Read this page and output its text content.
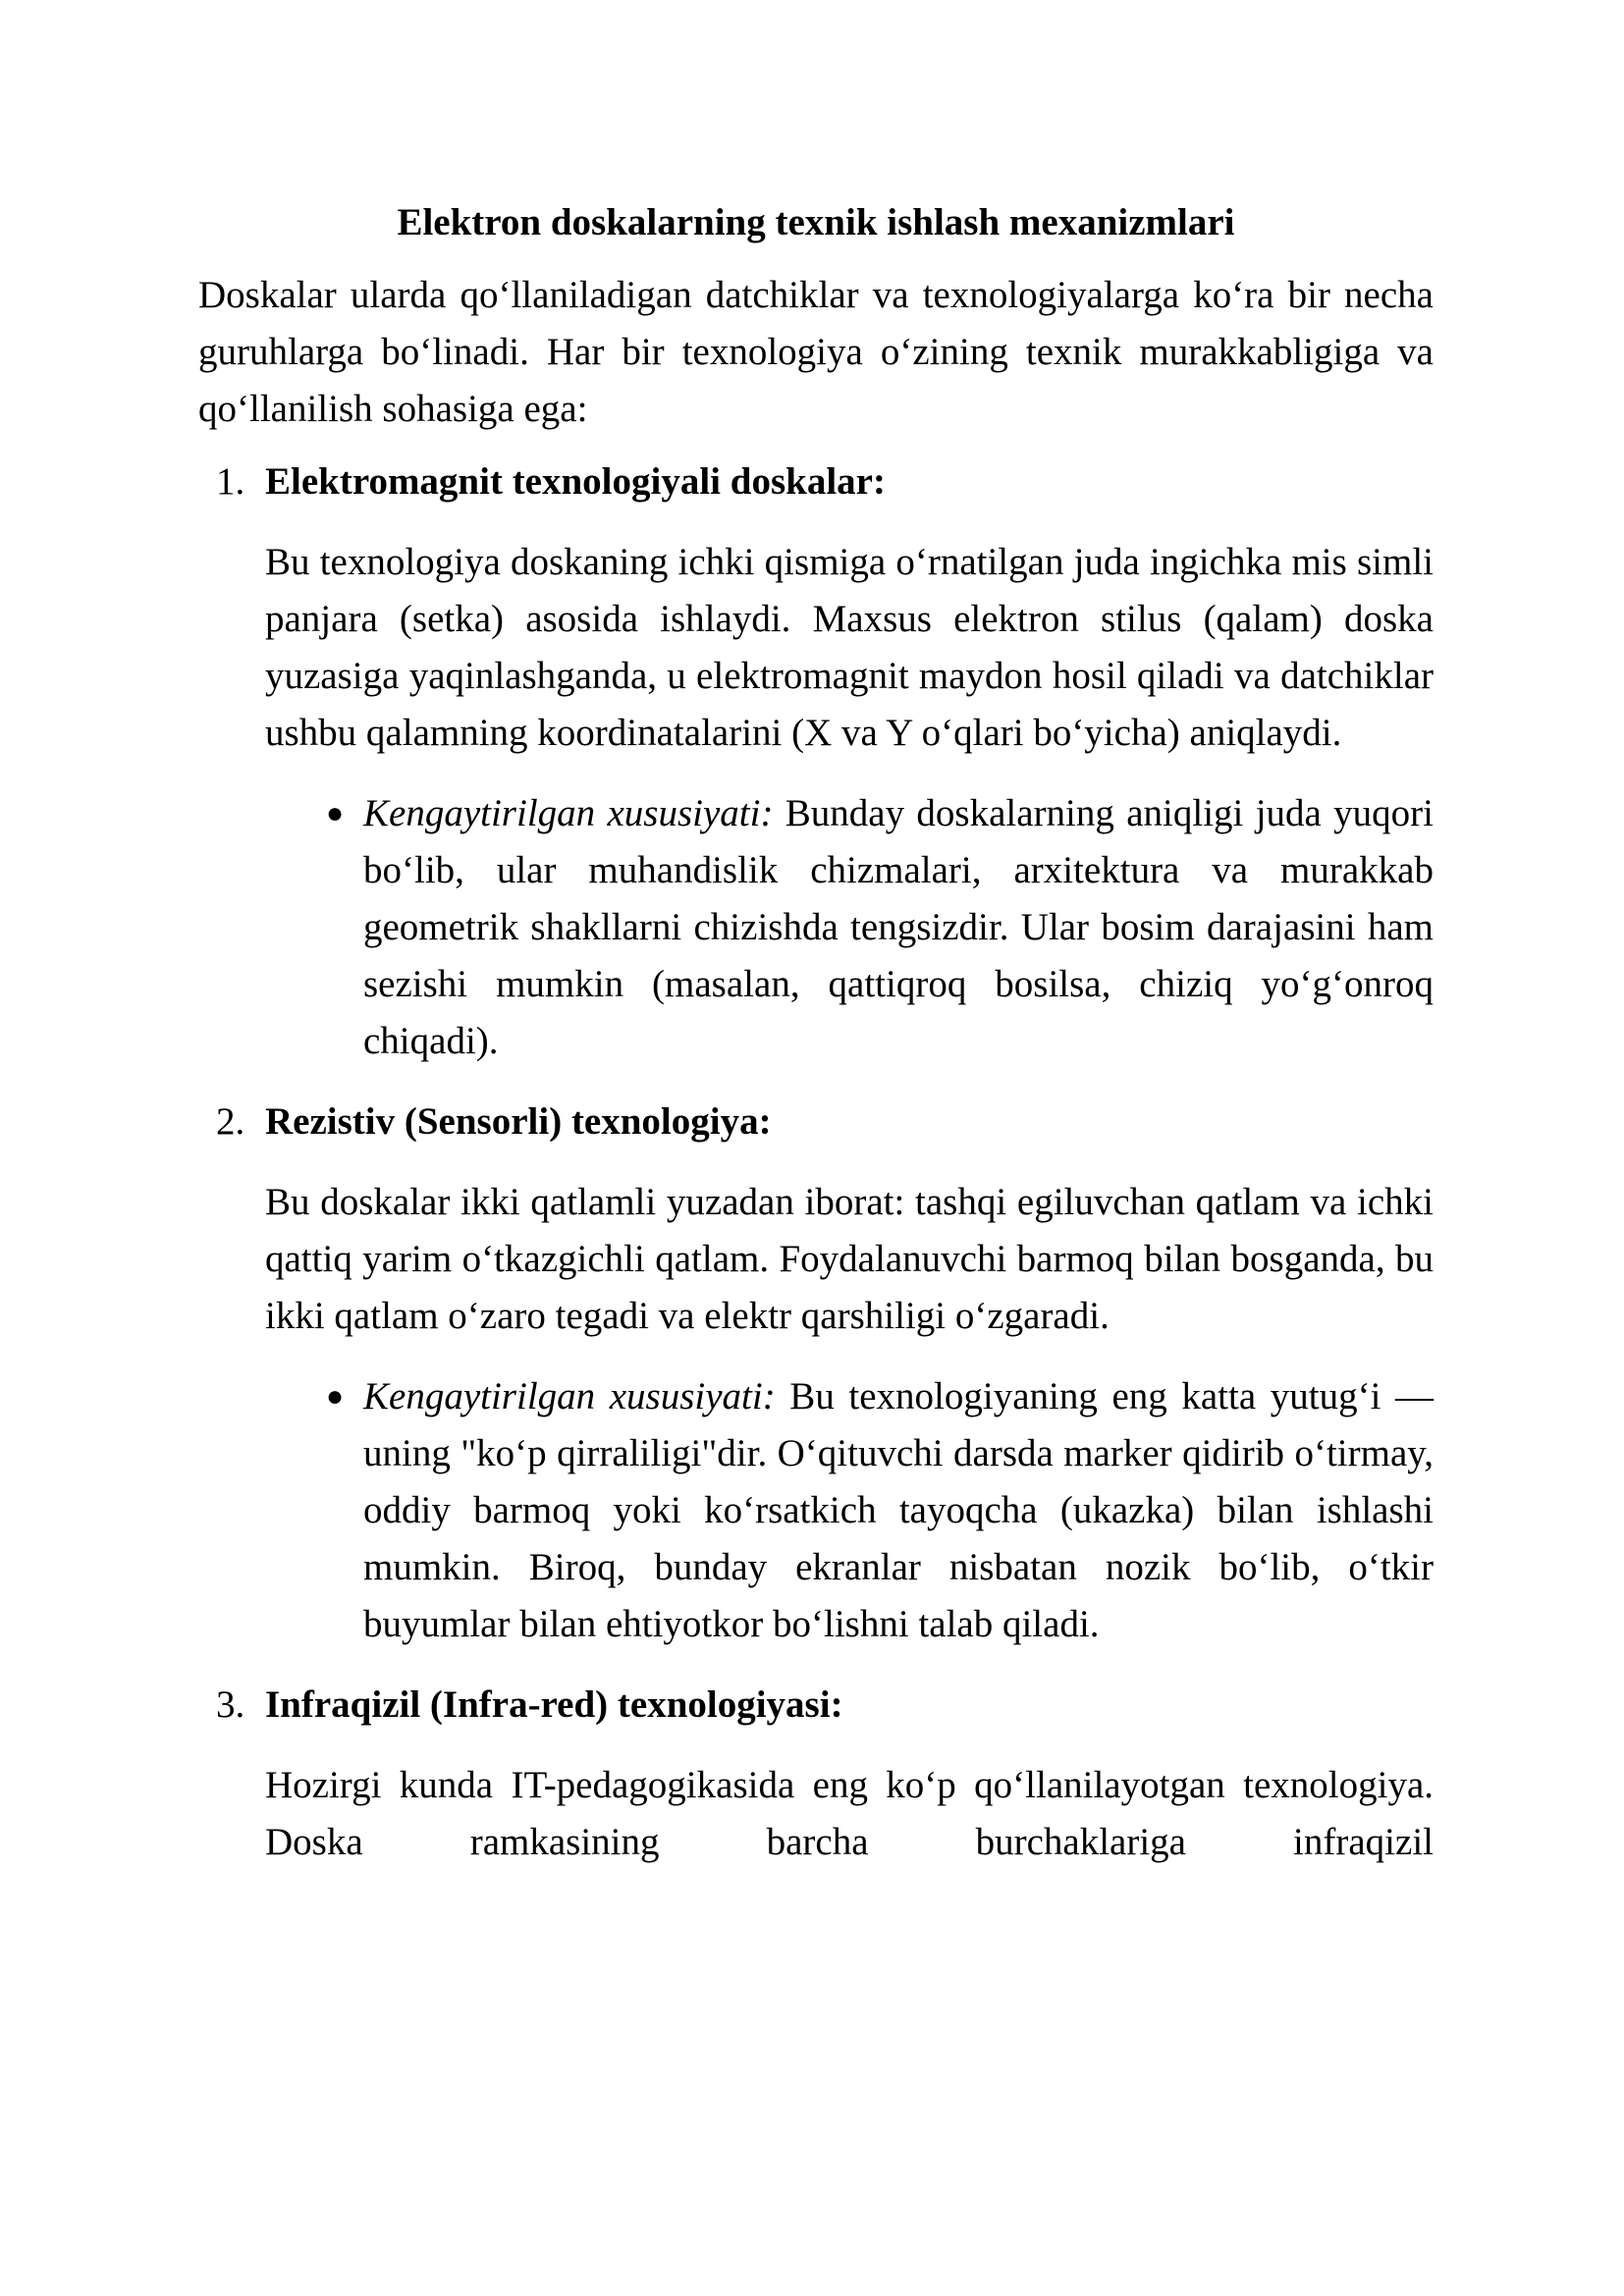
Elektron doskalarning texnik ishlash mexanizmlari

Doskalar ularda qo‘llaniladigan datchiklar va texnologiyalarga ko‘ra bir necha guruhlarga bo‘linadi. Har bir texnologiya o‘zining texnik murakkabligiga va qo‘llanilish sohasiga ega:

1. Elektromagnit texnologiyali doskalar:

Bu texnologiya doskaning ichki qismiga o‘rnatilgan juda ingichka mis simli panjara (setka) asosida ishlaydi. Maxsus elektron stilus (qalam) doska yuzasiga yaqinlashganda, u elektromagnit maydon hosil qiladi va datchiklar ushbu qalamning koordinatalarini (X va Y o‘qlari bo‘yicha) aniqlaydi.

● Kengaytirilgan xususiyati: Bunday doskalarning aniqligi juda yuqori bo‘lib, ular muhandislik chizmalari, arxitektura va murakkab geometrik shakllarni chizishda tengsizdir. Ular bosim darajasini ham sezishi mumkin (masalan, qattiqroq bosilsa, chiziq yo‘g‘onroq chiqadi).
2. Rezistiv (Sensorli) texnologiya:

Bu doskalar ikki qatlamli yuzadan iborat: tashqi egiluvchan qatlam va ichki qattiq yarim o‘tkazgichli qatlam. Foydalanuvchi barmoq bilan bosganda, bu ikki qatlam o‘zaro tegadi va elektr qarshiligi o‘zgaradi.

● Kengaytirilgan xususiyati: Bu texnologiyaning eng katta yutug‘i — uning "ko‘p qirraliligi"dir. O‘qituvchi darsda marker qidirib o‘tirmay, oddiy barmoq yoki ko‘rsatkich tayoqcha (ukazka) bilan ishlashi mumkin. Biroq, bunday ekranlar nisbatan nozik bo‘lib, o‘tkir buyumlar bilan ehtiyotkor bo‘lishni talab qiladi.
3. Infraqizil (Infra-red) texnologiyasi:

Hozirgi kunda IT-pedagogikasida eng ko‘p qo‘llanilayotgan texnologiya. Doska ramkasining barcha burchaklariga infraqizil
